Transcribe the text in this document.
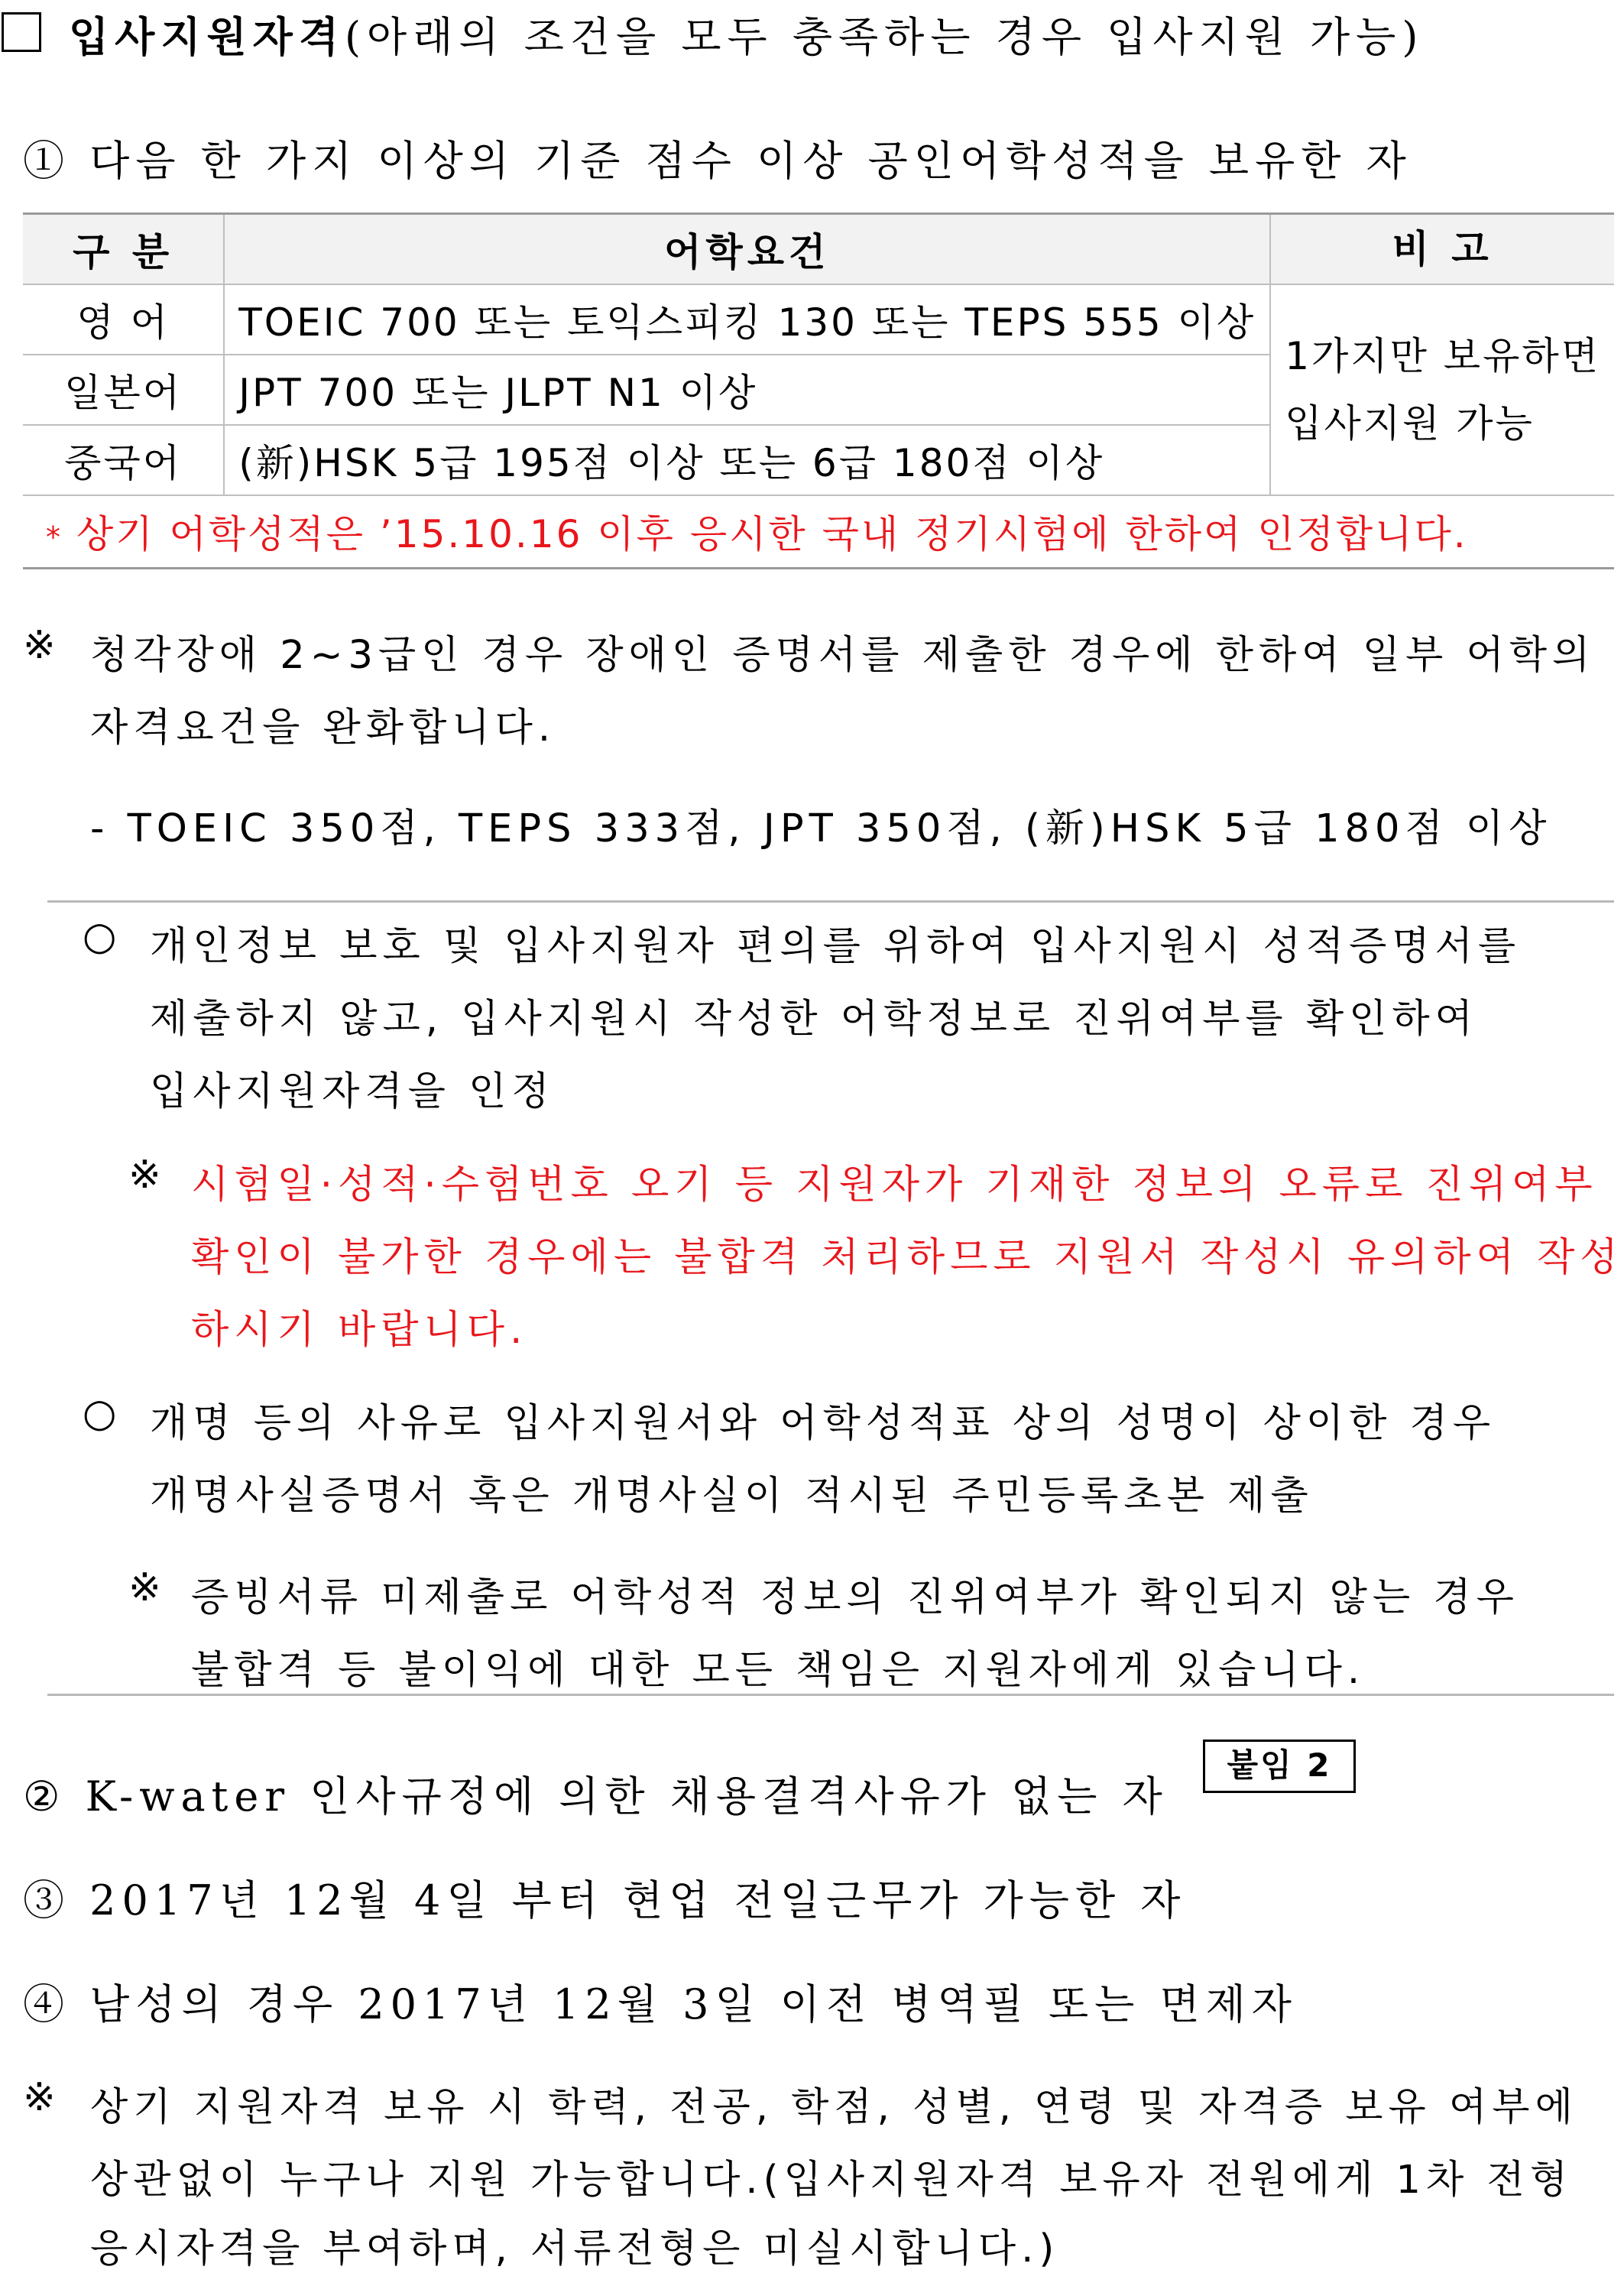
입사지원자격(아래의 조건을 모두 충족하는 경우 입사지원 가능)
① 다음 한 가지 이상의 기준 점수 이상 공인어학성적을 보유한 자
구 분	어학요건	비 고
영 어	TOEIC 700 또는 토익스피킹 130 또는 TEPS 555 이상	1가지만 보유하면
입사지원 가능

일본어	JPT 700 또는 JLPT N1 이상	
중국어	(新)HSK 5급 195점 이상 또는 6급 180점 이상	
* 상기 어학성적은 ’15.10.16 이후 응시한 국내 정기시험에 한하여 인정합니다.		
※ 청각장애 2~3급인 경우 장애인 증명서를 제출한 경우에 한하여 일부 어학의
자격요건을 완화합니다.
- TOEIC 350점, TEPS 333점, JPT 350점, (新)HSK 5급 180점 이상
○ 개인정보 보호 및 입사지원자 편의를 위하여 입사지원시 성적증명서를
제출하지 않고, 입사지원시 작성한 어학정보로 진위여부를 확인하여
입사지원자격을 인정
※ 시험일·성적·수험번호 오기 등 지원자가 기재한 정보의 오류로 진위여부
확인이 불가한 경우에는 불합격 처리하므로 지원서 작성시 유의하여 작성
하시기 바랍니다.
○ 개명 등의 사유로 입사지원서와 어학성적표 상의 성명이 상이한 경우
개명사실증명서 혹은 개명사실이 적시된 주민등록초본 제출
※ 증빙서류 미제출로 어학성적 정보의 진위여부가 확인되지 않는 경우
불합격 등 불이익에 대한 모든 책임은 지원자에게 있습니다.
② K-water 인사규정에 의한 채용결격사유가 없는 자
붙임 2
③ 2017년 12월 4일 부터 현업 전일근무가 가능한 자
④ 남성의 경우 2017년 12월 3일 이전 병역필 또는 면제자
※ 상기 지원자격 보유 시 학력, 전공, 학점, 성별, 연령 및 자격증 보유 여부에
상관없이 누구나 지원 가능합니다.(입사지원자격 보유자 전원에게 1차 전형
응시자격을 부여하며, 서류전형은 미실시합니다.)
